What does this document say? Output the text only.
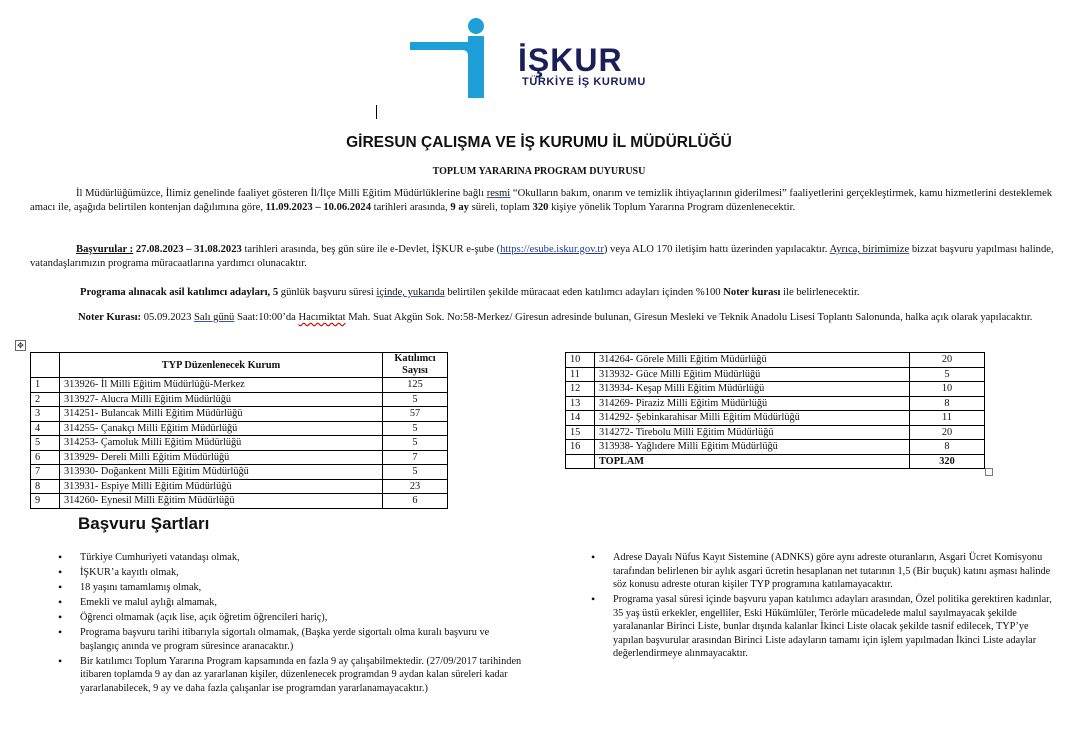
İŞKUR
TÜRKİYE İŞ KURUMU
GİRESUN ÇALIŞMA VE İŞ KURUMU İL MÜDÜRLÜĞÜ
TOPLUM YARARINA PROGRAM DUYURUSU
İl Müdürlüğümüzce, İlimiz genelinde faaliyet gösteren İl/İlçe Milli Eğitim Müdürlüklerine bağlı resmi “Okulların bakım, onarım ve temizlik ihtiyaçlarının giderilmesi” faaliyetlerini gerçekleştirmek, kamu hizmetlerini desteklemek amacı ile, aşağıda belirtilen kontenjan dağılımına göre, 11.09.2023 – 10.06.2024 tarihleri arasında, 9 ay süreli, toplam 320 kişiye yönelik Toplum Yararına Program düzenlenecektir.
Başvurular : 27.08.2023 – 31.08.2023 tarihleri arasında, beş gün süre ile e-Devlet, İŞKUR e-şube (https://esube.iskur.gov.tr) veya ALO 170 iletişim hattı üzerinden yapılacaktır. Ayrıca, birimimize bizzat başvuru yapılması halinde, vatandaşlarımızın programa müracaatlarına yardımcı olunacaktır.
Programa alınacak asil katılımcı adayları, 5 günlük başvuru süresi içinde, yukarıda belirtilen şekilde müracaat eden katılımcı adayları içinden %100 Noter kurası ile belirlenecektir.
Noter Kurası: 05.09.2023 Salı günü Saat:10:00’da Hacımiktat Mah. Suat Akgün Sok. No:58-Merkez/ Giresun adresinde bulunan, Giresun Mesleki ve Teknik Anadolu Lisesi Toplantı Salonunda, halka açık olarak yapılacaktır.
✥
	TYP Düzenlenecek Kurum	Katılımcı Sayısı
1	313926- İl Milli Eğitim Müdürlüğü-Merkez	125
2	313927- Alucra Milli Eğitim Müdürlüğü	5
3	314251- Bulancak Milli Eğitim Müdürlüğü	57
4	314255- Çanakçı Milli Eğitim Müdürlüğü	5
5	314253- Çamoluk Milli Eğitim Müdürlüğü	5
6	313929- Dereli Milli Eğitim Müdürlüğü	7
7	313930- Doğankent Milli Eğitim Müdürlüğü	5
8	313931- Espiye Milli Eğitim Müdürlüğü	23
9	314260- Eynesil Milli Eğitim Müdürlüğü	6
10	314264- Görele Milli Eğitim Müdürlüğü	20
11	313932- Güce Milli Eğitim Müdürlüğü	5
12	313934- Keşap Milli Eğitim Müdürlüğü	10
13	314269- Piraziz Milli Eğitim Müdürlüğü	8
14	314292- Şebinkarahisar Milli Eğitim Müdürlüğü	11
15	314272- Tirebolu Milli Eğitim Müdürlüğü	20
16	313938- Yağlıdere Milli Eğitim Müdürlüğü	8
	TOPLAM	320
Başvuru Şartları
• Türkiye Cumhuriyeti vatandaşı olmak,
• İŞKUR’a kayıtlı olmak,
• 18 yaşını tamamlamış olmak,
• Emekli ve malul aylığı almamak,
• Öğrenci olmamak (açık lise, açık öğretim öğrencileri hariç),
• Programa başvuru tarihi itibarıyla sigortalı olmamak, (Başka yerde sigortalı olma kuralı başvuru ve başlangıç anında ve program süresince aranacaktır.)
• Bir katılımcı Toplum Yararına Program kapsamında en fazla 9 ay çalışabilmektedir. (27/09/2017 tarihinden itibaren toplamda 9 ay dan az yararlanan kişiler, düzenlenecek programdan 9 aydan kalan süreleri kadar yararlanabilecek, 9 ay ve daha fazla çalışanlar ise programdan yararlanamayacaktır.)
• Adrese Dayalı Nüfus Kayıt Sistemine (ADNKS) göre aynı adreste oturanların, Asgari Ücret Komisyonu tarafından belirlenen bir aylık asgari ücretin hesaplanan net tutarının 1,5 (Bir buçuk) katını aşması halinde söz konusu adreste oturan kişiler TYP programına katılamayacaktır.
• Programa yasal süresi içinde başvuru yapan katılımcı adayları arasından, Özel politika gerektiren kadınlar, 35 yaş üstü erkekler, engelliler, Eski Hükümlüler, Terörle mücadelede malul sayılmayacak şekilde yaralananlar Birinci Liste, bunlar dışında kalanlar İkinci Liste olacak şekilde tasnif edilecek, TYP’ye yapılan başvurular arasından Birinci Liste adayların tamamı için işlem yapılmadan İkinci Liste adaylar değerlendirmeye alınmayacaktır.
